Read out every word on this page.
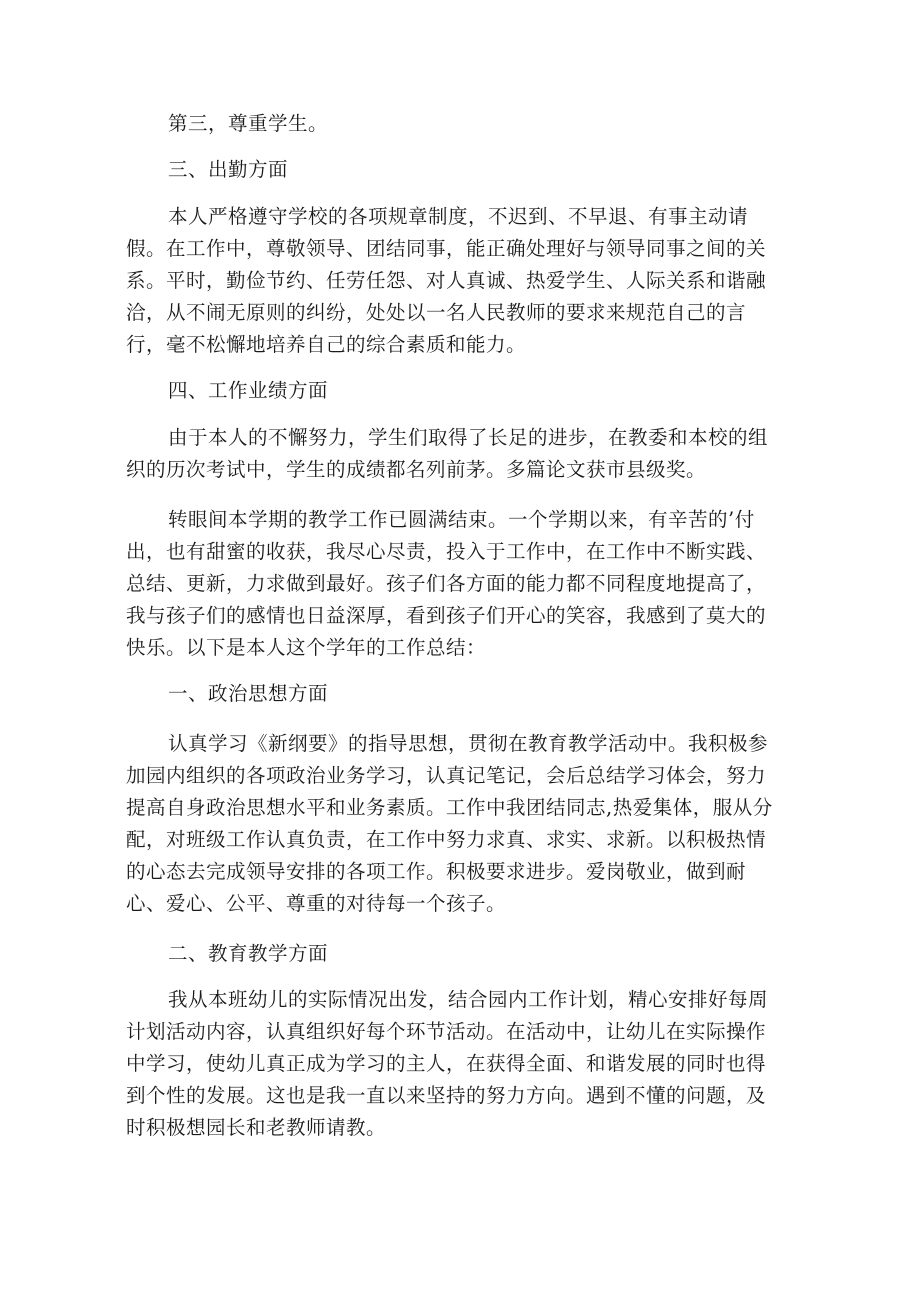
第三，尊重学生。
三、出勤方面
本人严格遵守学校的各项规章制度，不迟到、不早退、有事主动请
假。在工作中，尊敬领导、团结同事，能正确处理好与领导同事之间的关
系。平时，勤俭节约、任劳任怨、对人真诚、热爱学生、人际关系和谐融
洽，从不闹无原则的纠纷，处处以一名人民教师的要求来规范自己的言
行，毫不松懈地培养自己的综合素质和能力。
四、工作业绩方面
由于本人的不懈努力，学生们取得了长足的进步，在教委和本校的组
织的历次考试中，学生的成绩都名列前茅。多篇论文获市县级奖。
转眼间本学期的教学工作已圆满结束。一个学期以来，有辛苦的’付
出，也有甜蜜的收获，我尽心尽责，投入于工作中，在工作中不断实践、
总结、更新，力求做到最好。孩子们各方面的能力都不同程度地提高了，
我与孩子们的感情也日益深厚，看到孩子们开心的笑容，我感到了莫大的
快乐。以下是本人这个学年的工作总结：
一、政治思想方面
认真学习《新纲要》的指导思想，贯彻在教育教学活动中。我积极参
加园内组织的各项政治业务学习，认真记笔记，会后总结学习体会，努力
提高自身政治思想水平和业务素质。工作中我团结同志,热爱集体，服从分
配，对班级工作认真负责，在工作中努力求真、求实、求新。以积极热情
的心态去完成领导安排的各项工作。积极要求进步。爱岗敬业，做到耐
心、爱心、公平、尊重的对待每一个孩子。
二、教育教学方面
我从本班幼儿的实际情况出发，结合园内工作计划，精心安排好每周
计划活动内容，认真组织好每个环节活动。在活动中，让幼儿在实际操作
中学习，使幼儿真正成为学习的主人，在获得全面、和谐发展的同时也得
到个性的发展。这也是我一直以来坚持的努力方向。遇到不懂的问题，及
时积极想园长和老教师请教。
